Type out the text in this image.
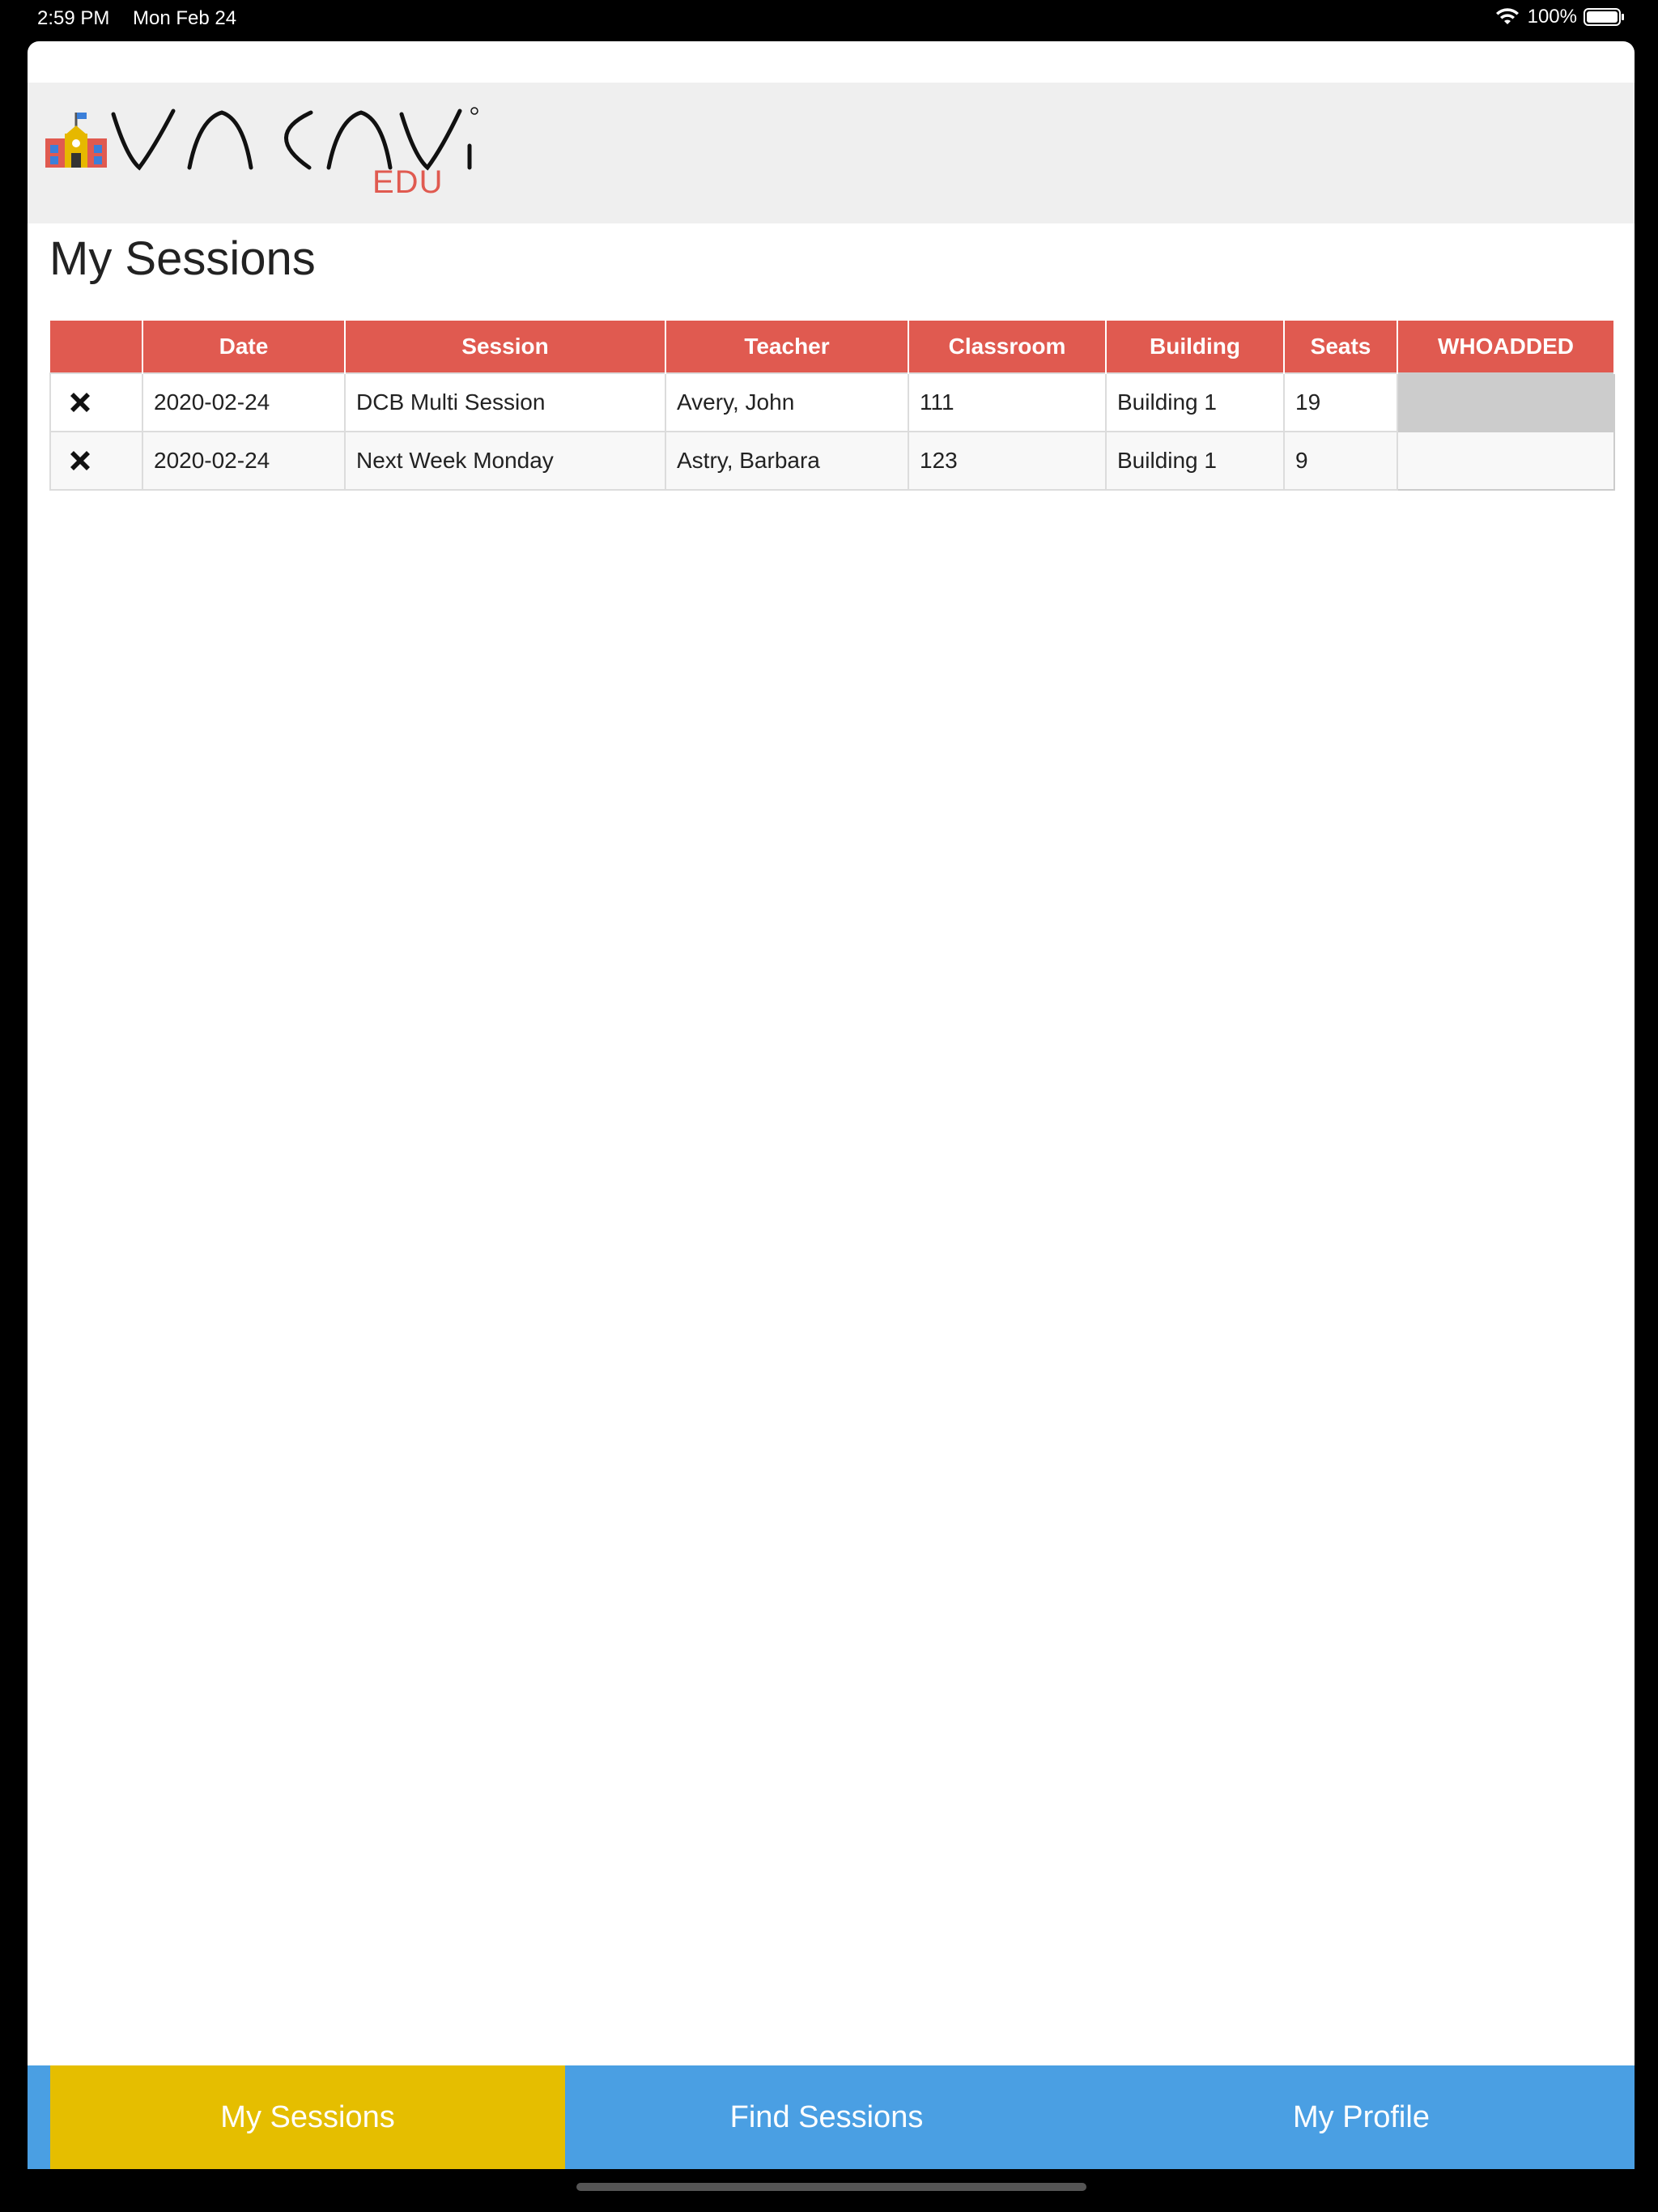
2:59 PM Mon Feb 24	100%
EDU
My Sessions
	Date	Session	Teacher	Classroom	Building	Seats	WHOADDED

	2020-02-24	DCB Multi Session	Avery, John	111	Building 1	19	

	2020-02-24	Next Week Monday	Astry, Barbara	123	Building 1	9	
My Sessions	Find Sessions	My Profile
